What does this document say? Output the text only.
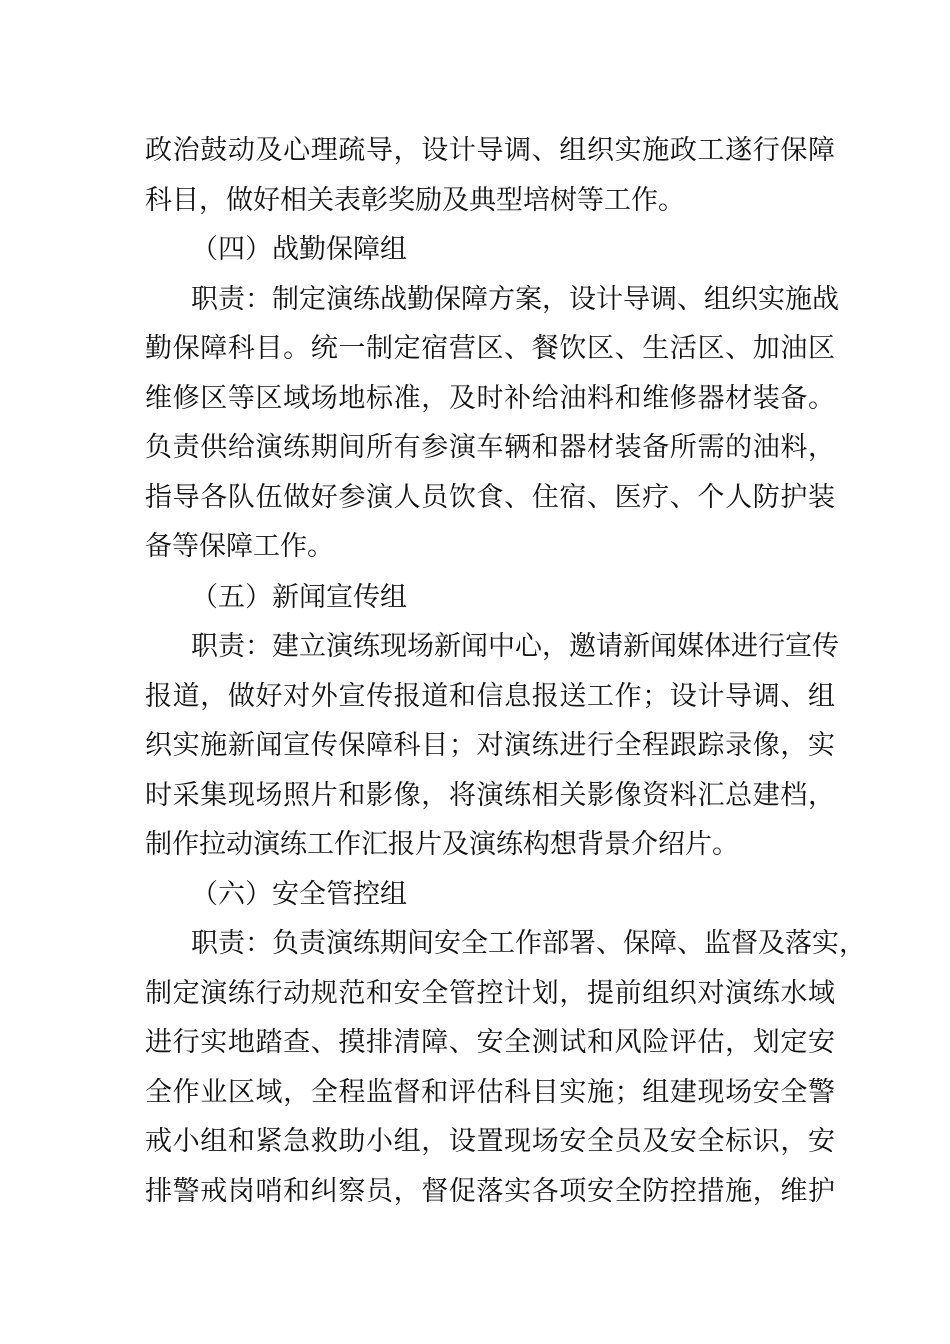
政治鼓动及心理疏导，设计导调、组织实施政工遂行保障
科目，做好相关表彰奖励及典型培树等工作。
（四）战勤保障组
职责：制定演练战勤保障方案，设计导调、组织实施战
勤保障科目。统一制定宿营区、餐饮区、生活区、加油区
维修区等区域场地标准，及时补给油料和维修器材装备。
负责供给演练期间所有参演车辆和器材装备所需的油料，
指导各队伍做好参演人员饮食、住宿、医疗、个人防护装
备等保障工作。
（五）新闻宣传组
职责：建立演练现场新闻中心，邀请新闻媒体进行宣传
报道，做好对外宣传报道和信息报送工作；设计导调、组
织实施新闻宣传保障科目；对演练进行全程跟踪录像，实
时采集现场照片和影像，将演练相关影像资料汇总建档，
制作拉动演练工作汇报片及演练构想背景介绍片。
（六）安全管控组
职责：负责演练期间安全工作部署、保障、监督及落实，
制定演练行动规范和安全管控计划，提前组织对演练水域
进行实地踏查、摸排清障、安全测试和风险评估，划定安
全作业区域，全程监督和评估科目实施；组建现场安全警
戒小组和紧急救助小组，设置现场安全员及安全标识，安
排警戒岗哨和纠察员，督促落实各项安全防控措施，维护
